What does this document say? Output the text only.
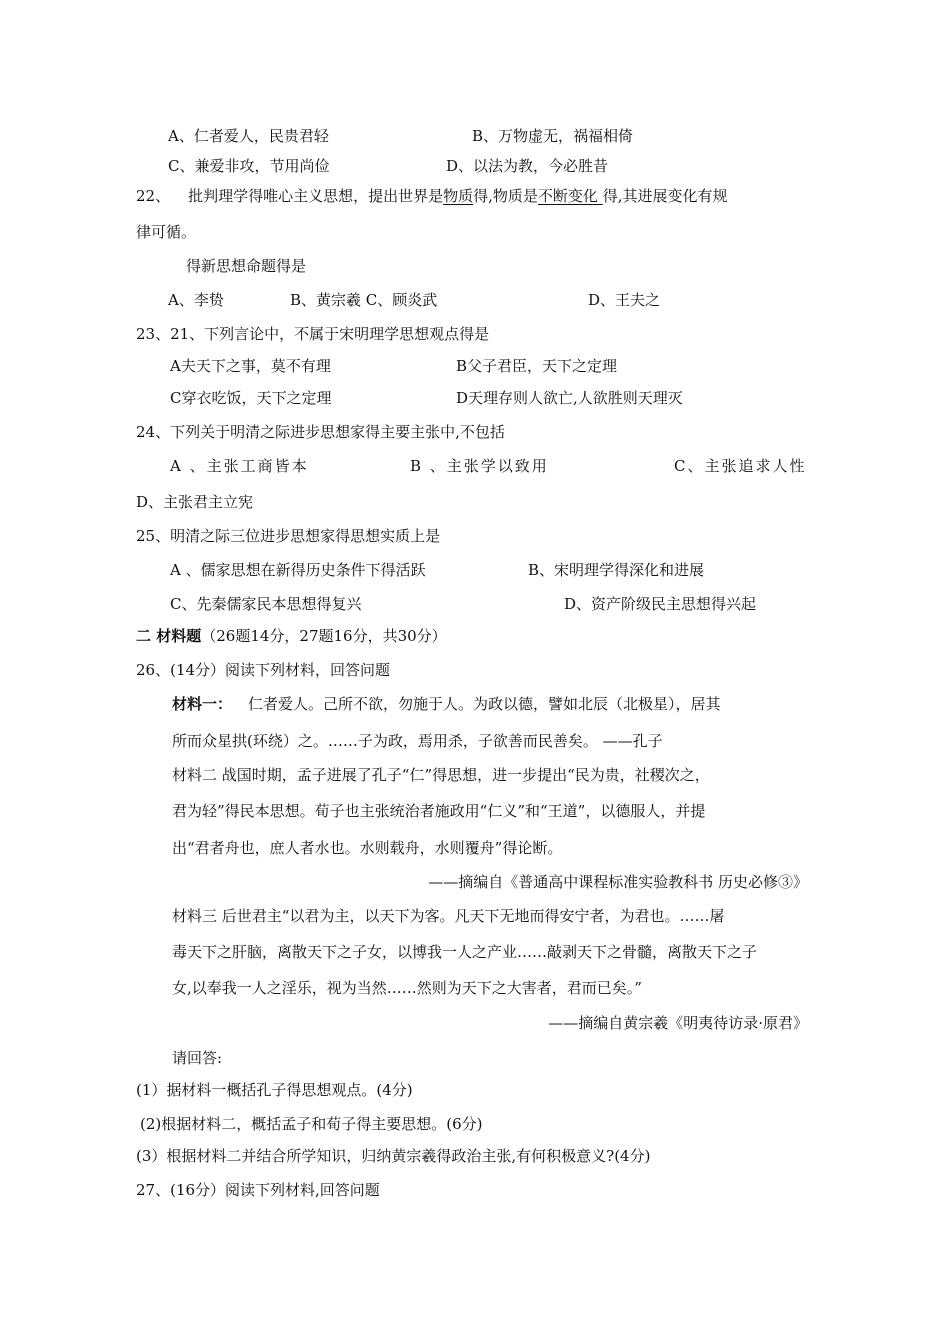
A、仁者爱人，民贵君轻	B、万物虚无，祸福相倚
C、兼爱非攻，节用尚俭	D、以法为教，今必胜昔
22、 批判理学得唯心主义思想，提出世界是物质得,物质是不断变化 得,其进展变化有规
律可循。
得新思想命题得是
A、李贽	B、黄宗羲 C、顾炎武	D、王夫之
23、21、下列言论中，不属于宋明理学思想观点得是
A夫天下之事，莫不有理	B父子君臣，天下之定理
C穿衣吃饭，天下之定理	D天理存则人欲亡,人欲胜则天理灭
24、下列关于明清之际进步思想家得主要主张中,不包括
A 、主张工商皆本	B 、主张学以致用	C、主张追求人性
D、主张君主立宪
25、明清之际三位进步思想家得思想实质上是
A 、儒家思想在新得历史条件下得活跃	B、宋明理学得深化和进展
C、先秦儒家民本思想得复兴	D、资产阶级民主思想得兴起
二 材料题（26题14分，27题16分，共30分）
26、(14分）阅读下列材料，回答问题
材料一： 仁者爱人。己所不欲，勿施于人。为政以德，譬如北辰（北极星），居其
所而众星拱(环绕）之。……子为政，焉用杀，子欲善而民善矣。 ——孔子
材料二 战国时期，孟子进展了孔子“仁”得思想，进一步提出“民为贵，社稷次之，
君为轻”得民本思想。荀子也主张统治者施政用“仁义”和“王道”，以德服人，并提
出“君者舟也，庶人者水也。水则载舟，水则覆舟”得论断。
——摘编自《普通高中课程标准实验教科书 历史必修③》
材料三 后世君主“以君为主，以天下为客。凡天下无地而得安宁者，为君也。……屠
毒天下之肝脑，离散天下之子女，以博我一人之产业……敲剥天下之骨髓，离散天下之子
女,以奉我一人之淫乐，视为当然……然则为天下之大害者，君而已矣。”
——摘编自黄宗羲《明夷待访录·原君》
请回答:
(1）据材料一概括孔子得思想观点。(4分)
(2)根据材料二，概括孟子和荀子得主要思想。(6分)
(3）根据材料二并结合所学知识，归纳黄宗羲得政治主张,有何积极意义?(4分)
27、(16分）阅读下列材料,回答问题
